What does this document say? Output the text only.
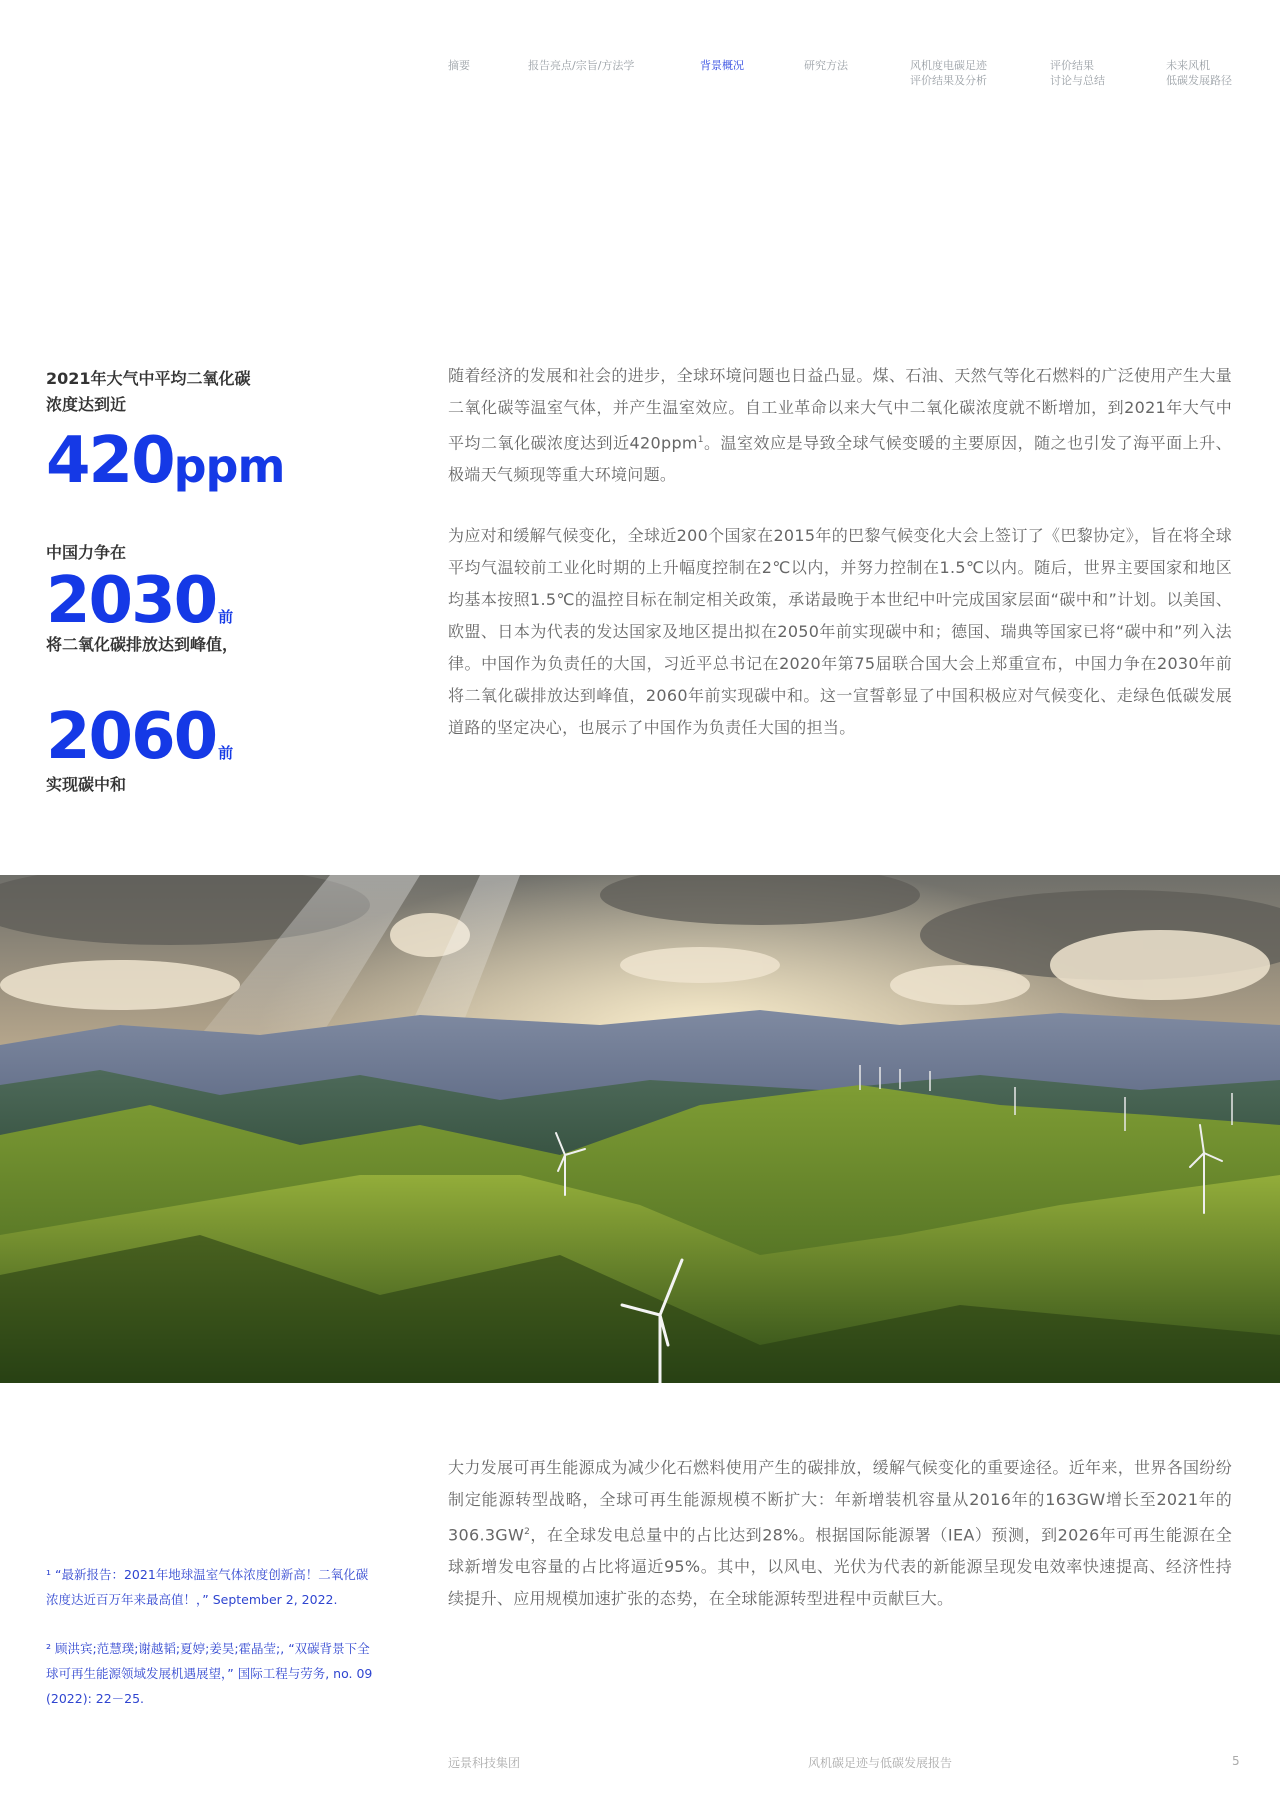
摘要	报告亮点/宗旨/方法学	背景概况	研究方法	风机度电碳足迹
评价结果及分析
评价结果
讨论与总结
未来风机
低碳发展路径
2021年大气中平均二氧化碳
浓度达到近
420ppm
中国力争在
2030 前
将二氧化碳排放达到峰值，
2060 前
实现碳中和
随着经济的发展和社会的进步，全球环境问题也日益凸显。煤、石油、天然气等化石燃料的广泛使用产生大量二氧化碳等温室气体，并产生温室效应。自工业革命以来大气中二氧化碳浓度就不断增加，到2021年大气中平均二氧化碳浓度达到近420ppm$^1$。温室效应是导致全球气候变暖的主要原因，随之也引发了海平面上升、极端天气频现等重大环境问题。
为应对和缓解气候变化，全球近200个国家在2015年的巴黎气候变化大会上签订了《巴黎协定》，旨在将全球平均气温较前工业化时期的上升幅度控制在2℃以内，并努力控制在1.5℃以内。随后，世界主要国家和地区均基本按照1.5℃的温控目标在制定相关政策，承诺最晚于本世纪中叶完成国家层面“碳中和”计划。以美国、欧盟、日本为代表的发达国家及地区提出拟在2050年前实现碳中和；德国、瑞典等国家已将“碳中和”列入法律。中国作为负责任的大国，习近平总书记在2020年第75届联合国大会上郑重宣布，中国力争在2030年前将二氧化碳排放达到峰值，2060年前实现碳中和。这一宣誓彰显了中国积极应对气候变化、走绿色低碳发展道路的坚定决心，也展示了中国作为负责任大国的担当。
¹ “最新报告：2021年地球温室气体浓度创新高！二氧化碳浓度达近百万年来最高值！，” September 2, 2022.
² 顾洪宾;范慧璞;谢越韬;夏婷;姜昊;霍晶莹;, “双碳背景下全球可再生能源领域发展机遇展望，” 国际工程与劳务, no. 09 (2022): 22－25.
大力发展可再生能源成为减少化石燃料使用产生的碳排放，缓解气候变化的重要途径。近年来，世界各国纷纷制定能源转型战略，全球可再生能源规模不断扩大：年新增装机容量从2016年的163GW增长至2021年的$306.3GW^2$，在全球发电总量中的占比达到28%。根据国际能源署（IEA）预测，到2026年可再生能源在全球新增发电容量的占比将逼近95%。其中，以风电、光伏为代表的新能源呈现发电效率快速提高、经济性持续提升、应用规模加速扩张的态势，在全球能源转型进程中贡献巨大。
远景科技集团	风机碳足迹与低碳发展报告	5
